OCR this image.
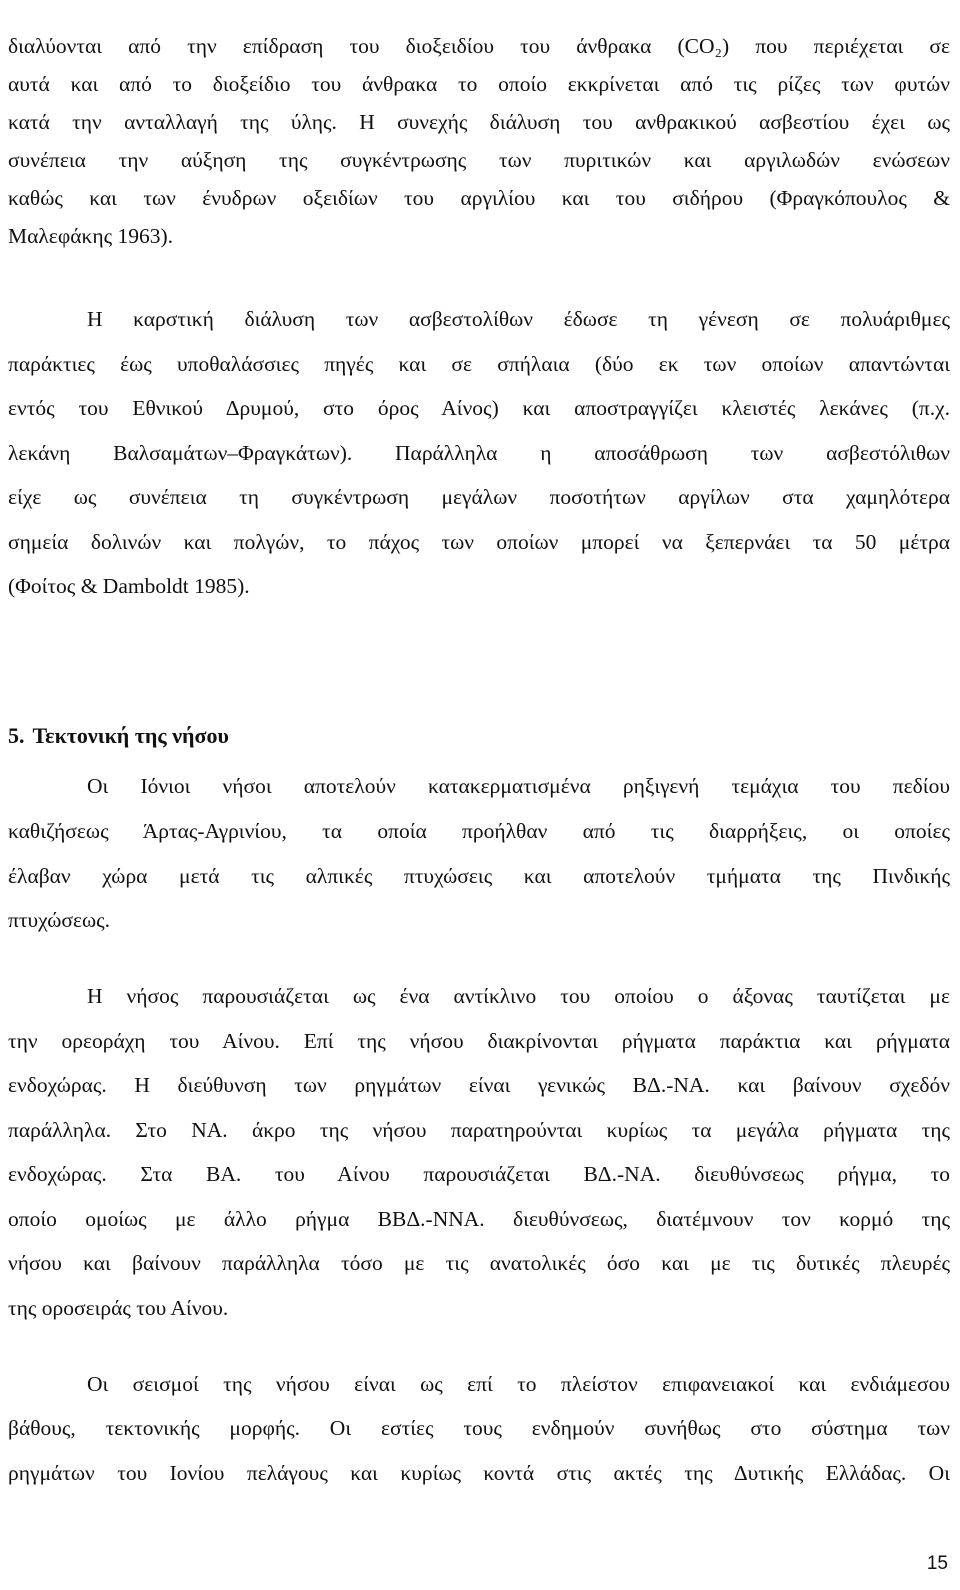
διαλύονται από την επίδραση του διοξειδίου του άνθρακα (CO₂) που περιέχεται σε
αυτά και από το διοξείδιο του άνθρακα το οποίο εκκρίνεται από τις ρίζες των φυτών
κατά την ανταλλαγή της ύλης. Η συνεχής διάλυση του ανθρακικού ασβεστίου έχει ως
συνέπεια την αύξηση της συγκέντρωσης των πυριτικών και αργιλωδών ενώσεων
καθώς και των ένυδρων οξειδίων του αργιλίου και του σιδήρου (Φραγκόπουλος &
Μαλεφάκης 1963).
Η καρστική διάλυση των ασβεστολίθων έδωσε τη γένεση σε πολυάριθμες
παράκτιες έως υποθαλάσσιες πηγές και σε σπήλαια (δύο εκ των οποίων απαντώνται
εντός του Εθνικού Δρυμού, στο όρος Αίνος) και αποστραγγίζει κλειστές λεκάνες (π.χ.
λεκάνη Βαλσαμάτων–Φραγκάτων). Παράλληλα η αποσάθρωση των ασβεστόλιθων
είχε ως συνέπεια τη συγκέντρωση μεγάλων ποσοτήτων αργίλων στα χαμηλότερα
σημεία δολινών και πολγών, το πάχος των οποίων μπορεί να ξεπερνάει τα 50 μέτρα
(Φοίτος & Damboldt 1985).
5. Τεκτονική της νήσου
Οι Ιόνιοι νήσοι αποτελούν κατακερματισμένα ρηξιγενή τεμάχια του πεδίου
καθιζήσεως Άρτας-Αγρινίου, τα οποία προήλθαν από τις διαρρήξεις, οι οποίες
έλαβαν χώρα μετά τις αλπικές πτυχώσεις και αποτελούν τμήματα της Πινδικής
πτυχώσεως.
Η νήσος παρουσιάζεται ως ένα αντίκλινο του οποίου ο άξονας ταυτίζεται με
την ορεοράχη του Αίνου. Επί της νήσου διακρίνονται ρήγματα παράκτια και ρήγματα
ενδοχώρας. Η διεύθυνση των ρηγμάτων είναι γενικώς ΒΔ.-ΝΑ. και βαίνουν σχεδόν
παράλληλα. Στο ΝΑ. άκρο της νήσου παρατηρούνται κυρίως τα μεγάλα ρήγματα της
ενδοχώρας. Στα ΒΑ. του Αίνου παρουσιάζεται ΒΔ.-ΝΑ. διευθύνσεως ρήγμα, το
οποίο ομοίως με άλλο ρήγμα ΒΒΔ.-ΝΝΑ. διευθύνσεως, διατέμνουν τον κορμό της
νήσου και βαίνουν παράλληλα τόσο με τις ανατολικές όσο και με τις δυτικές πλευρές
της οροσειράς του Αίνου.
Οι σεισμοί της νήσου είναι ως επί το πλείστον επιφανειακοί και ενδιάμεσου
βάθους, τεκτονικής μορφής. Οι εστίες τους ενδημούν συνήθως στο σύστημα των
ρηγμάτων του Ιονίου πελάγους και κυρίως κοντά στις ακτές της Δυτικής Ελλάδας. Οι
15
